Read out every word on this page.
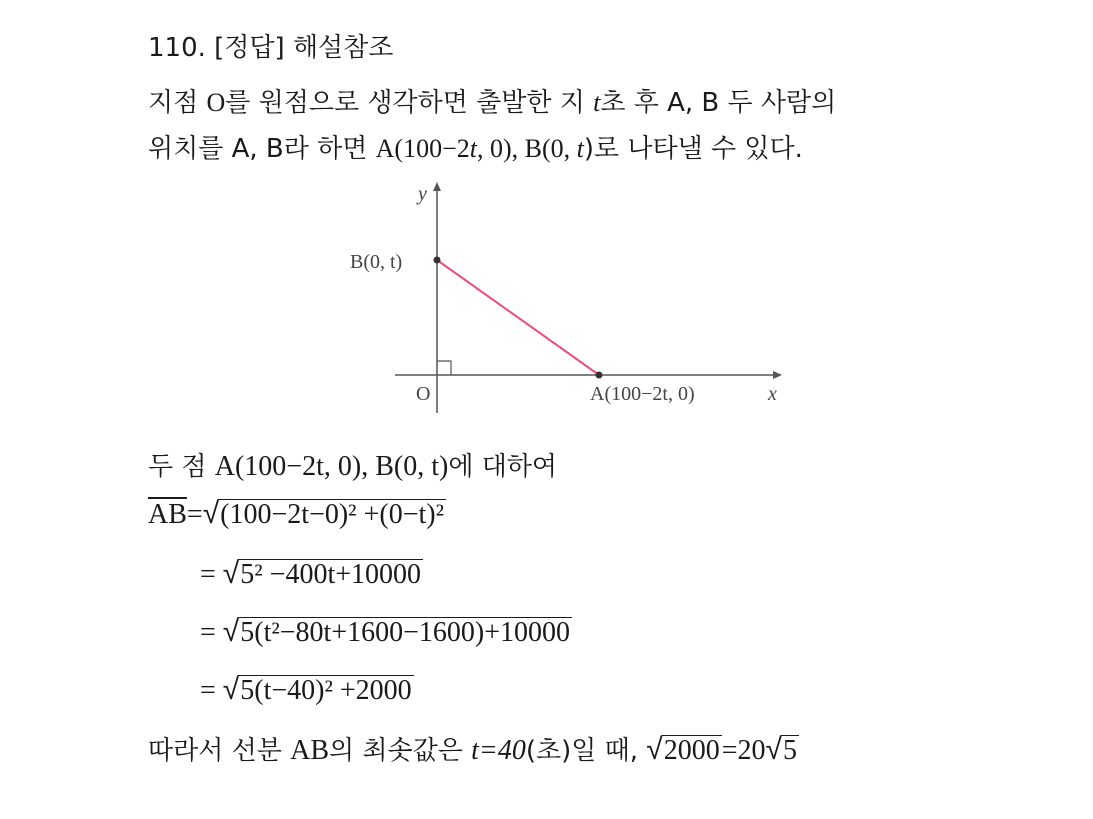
110. [정답] 해설참조
지점 O를 원점으로 생각하면 출발한 지 t초 후 A, B 두 사람의
위치를 A, B라 하면 A(100−2t, 0), B(0, t)로 나타낼 수 있다.
y
x
O
B(0, t)
A(100−2t, 0)
두 점 A(100−2t, 0), B(0, t)에 대하여
$\overline{AB}=√(100-2t-0)^2 +(0-t)^2$
= √5² −400t+10000
= √5(t²−80t+1600−1600)+10000
= √5(t−40)² +2000
따라서 선분 AB의 최솟값은 t=40(초)일 때, √2000=20√5
